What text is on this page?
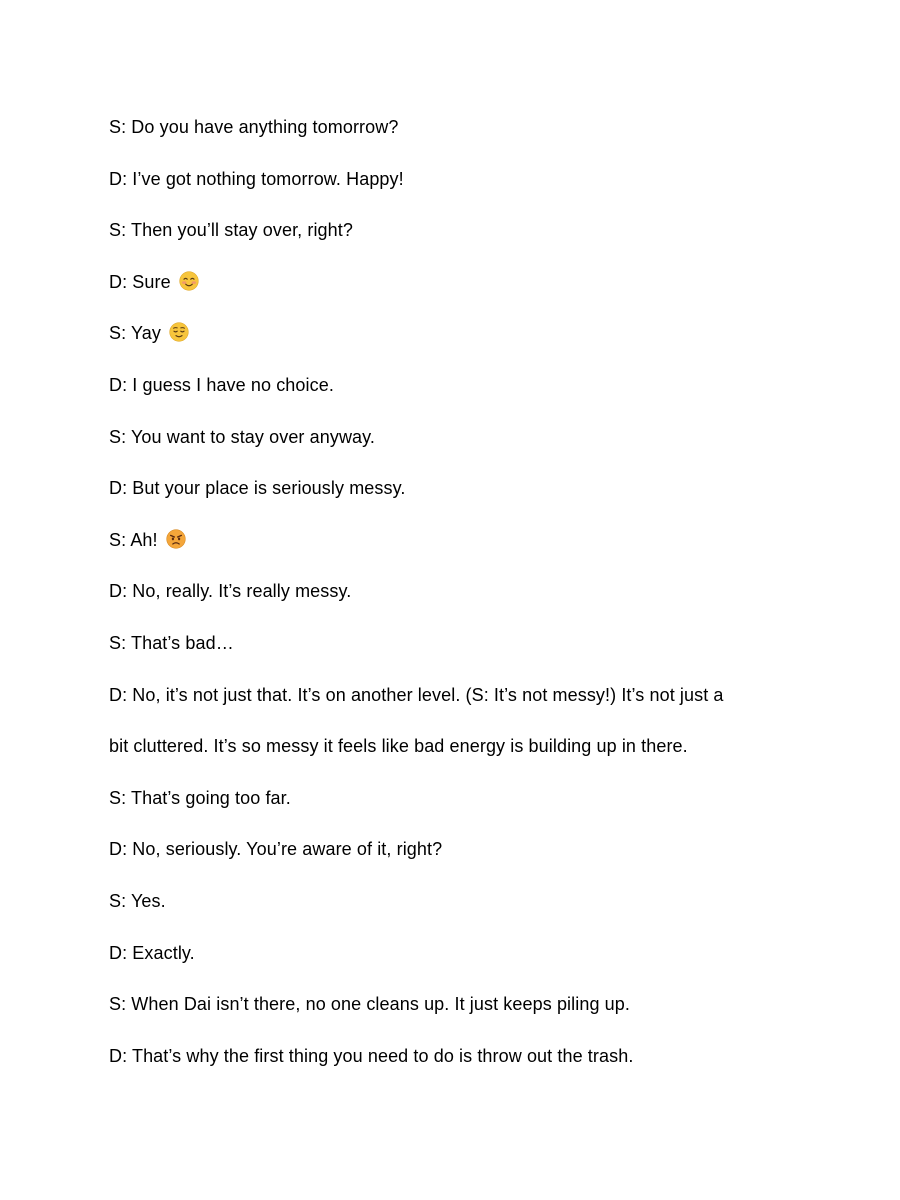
S: Do you have anything tomorrow?
D: I’ve got nothing tomorrow. Happy!
S: Then you’ll stay over, right?
D: Sure
S: Yay
D: I guess I have no choice.
S: You want to stay over anyway.
D: But your place is seriously messy.
S: Ah!
D: No, really. It’s really messy.
S: That’s bad…
D: No, it’s not just that. It’s on another level. (S: It’s not messy!) It’s not just a
bit cluttered. It’s so messy it feels like bad energy is building up in there.
S: That’s going too far.
D: No, seriously. You’re aware of it, right?
S: Yes.
D: Exactly.
S: When Dai isn’t there, no one cleans up. It just keeps piling up.
D: That’s why the first thing you need to do is throw out the trash.
